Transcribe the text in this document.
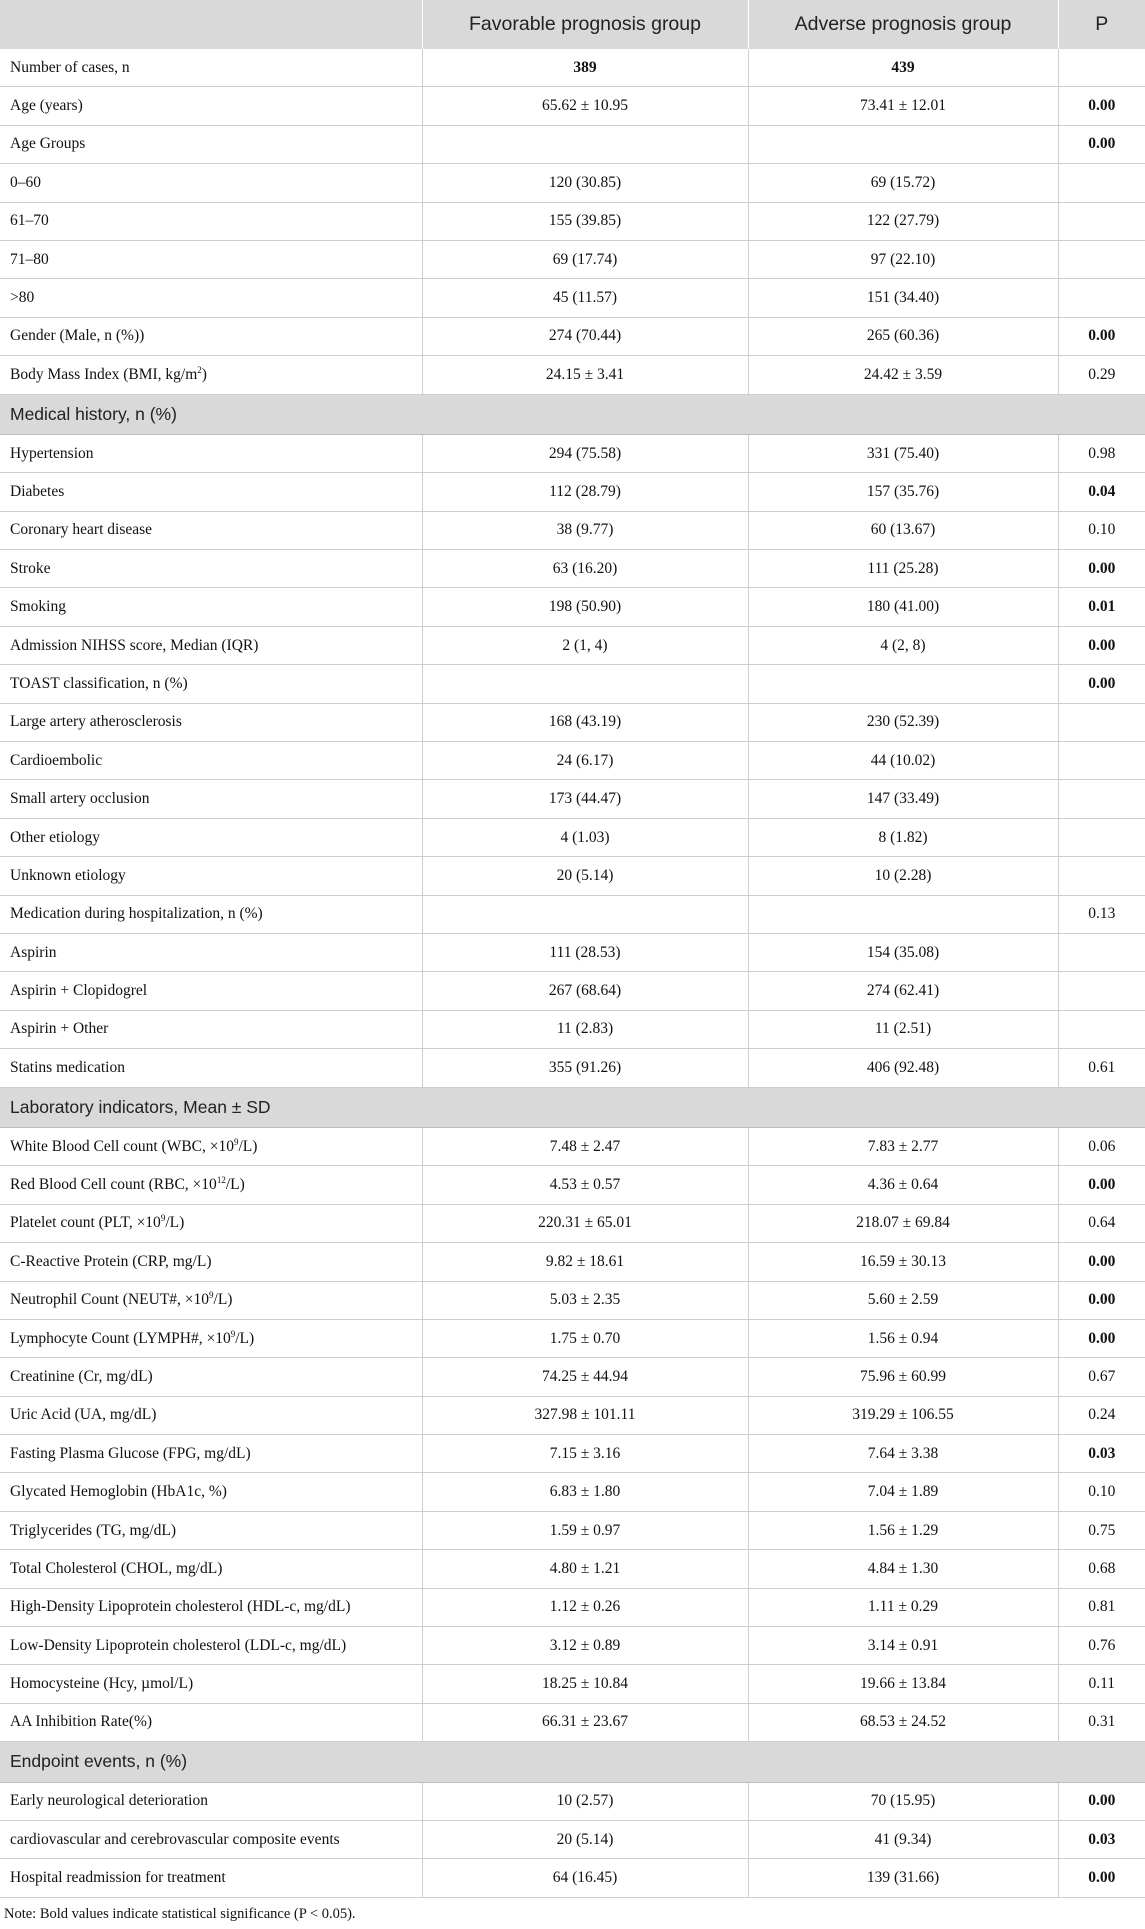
	Favorable prognosis group	Adverse prognosis group	P
Number of cases, n	389	439	
Age (years)	65.62 ± 10.95	73.41 ± 12.01	0.00
Age Groups			0.00
0–60	120 (30.85)	69 (15.72)	
61–70	155 (39.85)	122 (27.79)	
71–80	69 (17.74)	97 (22.10)	
>80	45 (11.57)	151 (34.40)	
Gender (Male, n (%))	274 (70.44)	265 (60.36)	0.00
Body Mass Index (BMI, $kg/m^2$)	24.15 ± 3.41	24.42 ± 3.59	0.29
Medical history, n (%)			
Hypertension	294 (75.58)	331 (75.40)	0.98
Diabetes	112 (28.79)	157 (35.76)	0.04
Coronary heart disease	38 (9.77)	60 (13.67)	0.10
Stroke	63 (16.20)	111 (25.28)	0.00
Smoking	198 (50.90)	180 (41.00)	0.01
Admission NIHSS score, Median (IQR)	2 (1, 4)	4 (2, 8)	0.00
TOAST classification, n (%)			0.00
Large artery atherosclerosis	168 (43.19)	230 (52.39)	
Cardioembolic	24 (6.17)	44 (10.02)	
Small artery occlusion	173 (44.47)	147 (33.49)	
Other etiology	4 (1.03)	8 (1.82)	
Unknown etiology	20 (5.14)	10 (2.28)	
Medication during hospitalization, n (%)			0.13
Aspirin	111 (28.53)	154 (35.08)	
Aspirin + Clopidogrel	267 (68.64)	274 (62.41)	
Aspirin + Other	11 (2.83)	11 (2.51)	
Statins medication	355 (91.26)	406 (92.48)	0.61
Laboratory indicators, Mean ± SD			
White Blood Cell count (WBC, $\times 10^9/L$)	7.48 ± 2.47	7.83 ± 2.77	0.06
Red Blood Cell count (RBC, $\times 10^{12}/L$)	4.53 ± 0.57	4.36 ± 0.64	0.00
Platelet count (PLT, $\times 10^9/L$)	220.31 ± 65.01	218.07 ± 69.84	0.64
C-Reactive Protein (CRP, mg/L)	9.82 ± 18.61	16.59 ± 30.13	0.00
Neutrophil Count (NEUT#, $\times 10^9/L$)	5.03 ± 2.35	5.60 ± 2.59	0.00
Lymphocyte Count (LYMPH#, $\times 10^9/L$)	1.75 ± 0.70	1.56 ± 0.94	0.00
Creatinine (Cr, mg/dL)	74.25 ± 44.94	75.96 ± 60.99	0.67
Uric Acid (UA, mg/dL)	327.98 ± 101.11	319.29 ± 106.55	0.24
Fasting Plasma Glucose (FPG, mg/dL)	7.15 ± 3.16	7.64 ± 3.38	0.03
Glycated Hemoglobin (HbA1c, %)	6.83 ± 1.80	7.04 ± 1.89	0.10
Triglycerides (TG, mg/dL)	1.59 ± 0.97	1.56 ± 1.29	0.75
Total Cholesterol (CHOL, mg/dL)	4.80 ± 1.21	4.84 ± 1.30	0.68
High-Density Lipoprotein cholesterol (HDL-c, mg/dL)	1.12 ± 0.26	1.11 ± 0.29	0.81
Low-Density Lipoprotein cholesterol (LDL-c, mg/dL)	3.12 ± 0.89	3.14 ± 0.91	0.76
Homocysteine (Hcy, µmol/L)	18.25 ± 10.84	19.66 ± 13.84	0.11
AA Inhibition Rate(%)	66.31 ± 23.67	68.53 ± 24.52	0.31
Endpoint events, n (%)			
Early neurological deterioration	10 (2.57)	70 (15.95)	0.00
cardiovascular and cerebrovascular composite events	20 (5.14)	41 (9.34)	0.03
Hospital readmission for treatment	64 (16.45)	139 (31.66)	0.00
Note: Bold values indicate statistical significance (P < 0.05).
